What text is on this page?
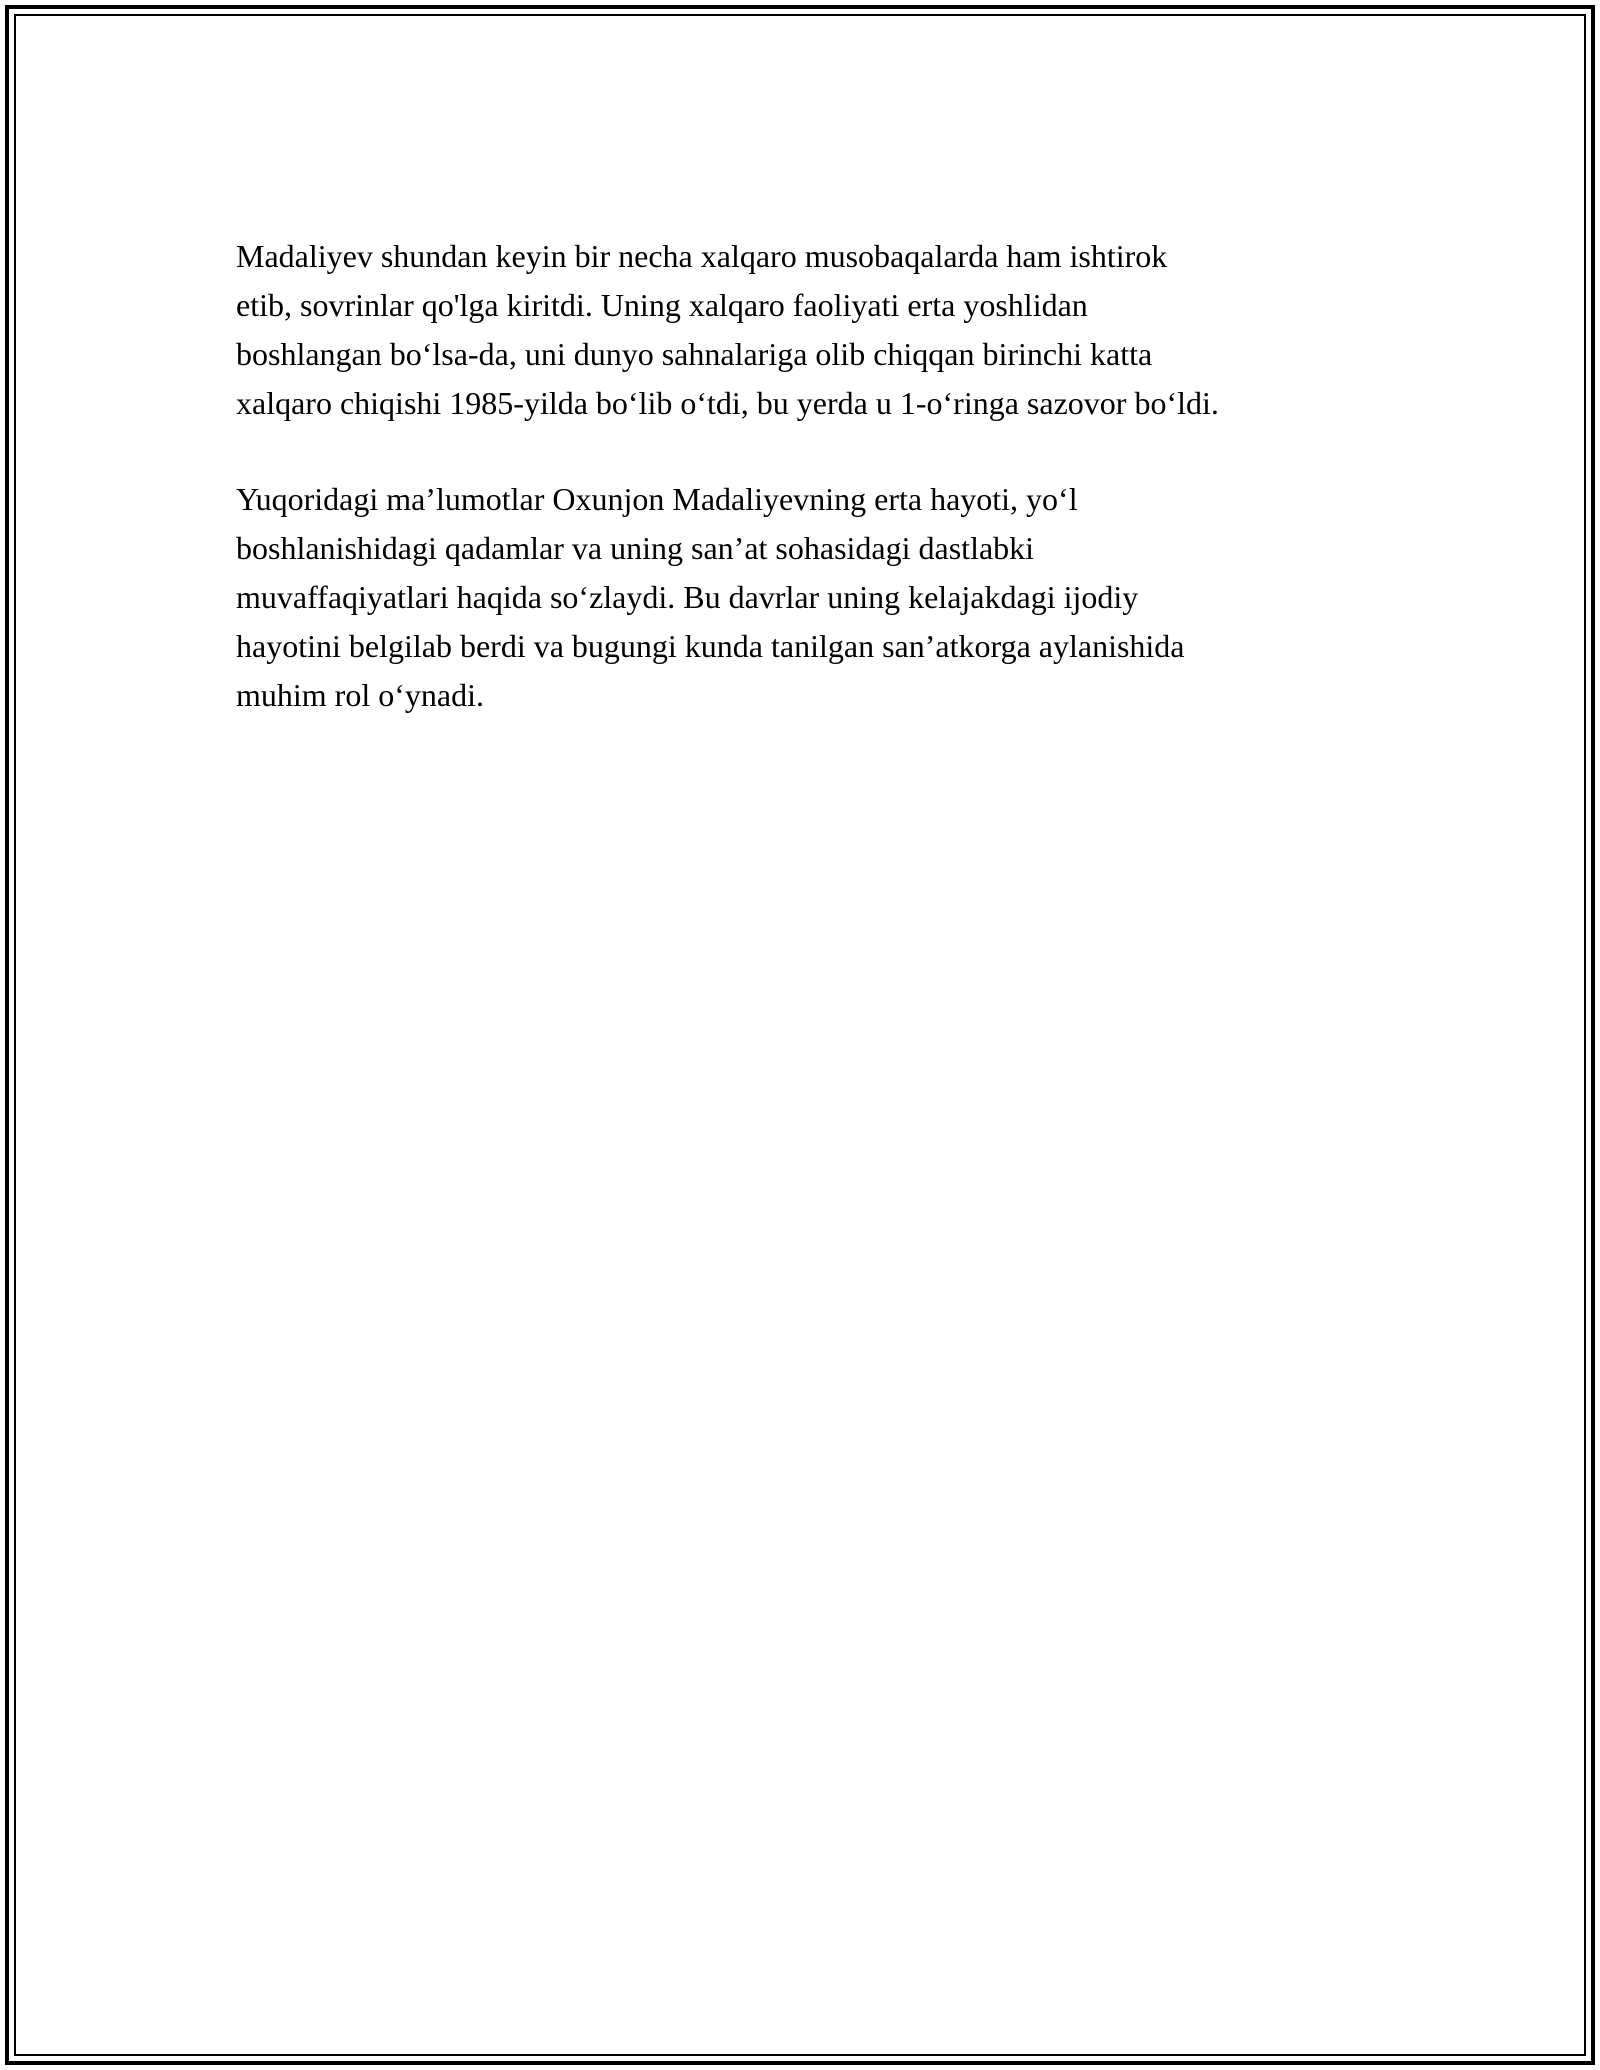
Madaliyev shundan keyin bir necha xalqaro musobaqalarda ham ishtirok
etib, sovrinlar qo'lga kiritdi. Uning xalqaro faoliyati erta yoshlidan
boshlangan bo‘lsa-da, uni dunyo sahnalariga olib chiqqan birinchi katta
xalqaro chiqishi 1985-yilda bo‘lib o‘tdi, bu yerda u 1-o‘ringa sazovor bo‘ldi.

Yuqoridagi ma’lumotlar Oxunjon Madaliyevning erta hayoti, yo‘l
boshlanishidagi qadamlar va uning san’at sohasidagi dastlabki
muvaffaqiyatlari haqida so‘zlaydi. Bu davrlar uning kelajakdagi ijodiy
hayotini belgilab berdi va bugungi kunda tanilgan san’atkorga aylanishida
muhim rol o‘ynadi.
